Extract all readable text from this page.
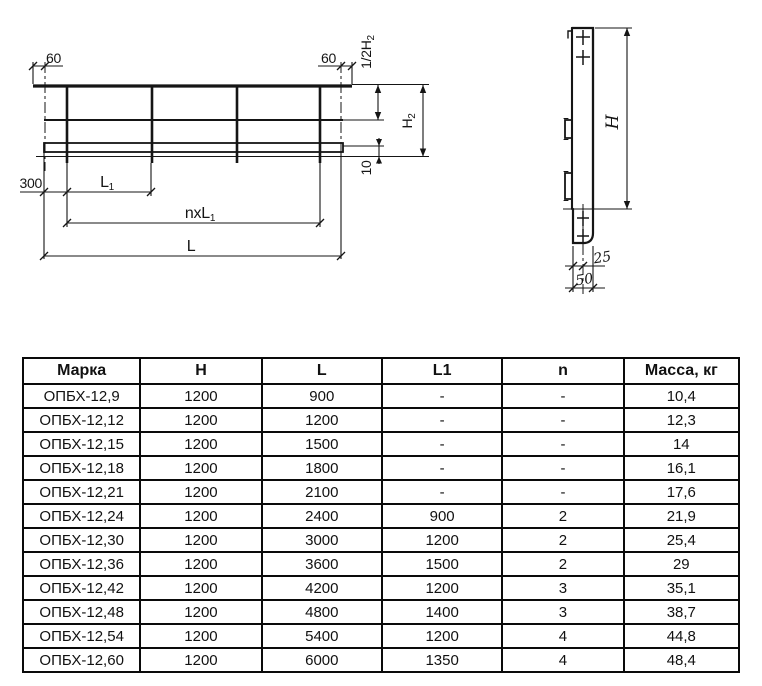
60	60 $1/2H_2$
$H_2$
10
300	L1
nxL1
L
H
25
50
Марка	Н	L	L1	n	Масса, кг
ОПБХ-12,9	1200	900	-	-	10,4
ОПБХ-12,12	1200	1200	-	-	12,3
ОПБХ-12,15	1200	1500	-	-	14
ОПБХ-12,18	1200	1800	-	-	16,1
ОПБХ-12,21	1200	2100	-	-	17,6
ОПБХ-12,24	1200	2400	900	2	21,9
ОПБХ-12,30	1200	3000	1200	2	25,4
ОПБХ-12,36	1200	3600	1500	2	29
ОПБХ-12,42	1200	4200	1200	3	35,1
ОПБХ-12,48	1200	4800	1400	3	38,7
ОПБХ-12,54	1200	5400	1200	4	44,8
ОПБХ-12,60	1200	6000	1350	4	48,4
